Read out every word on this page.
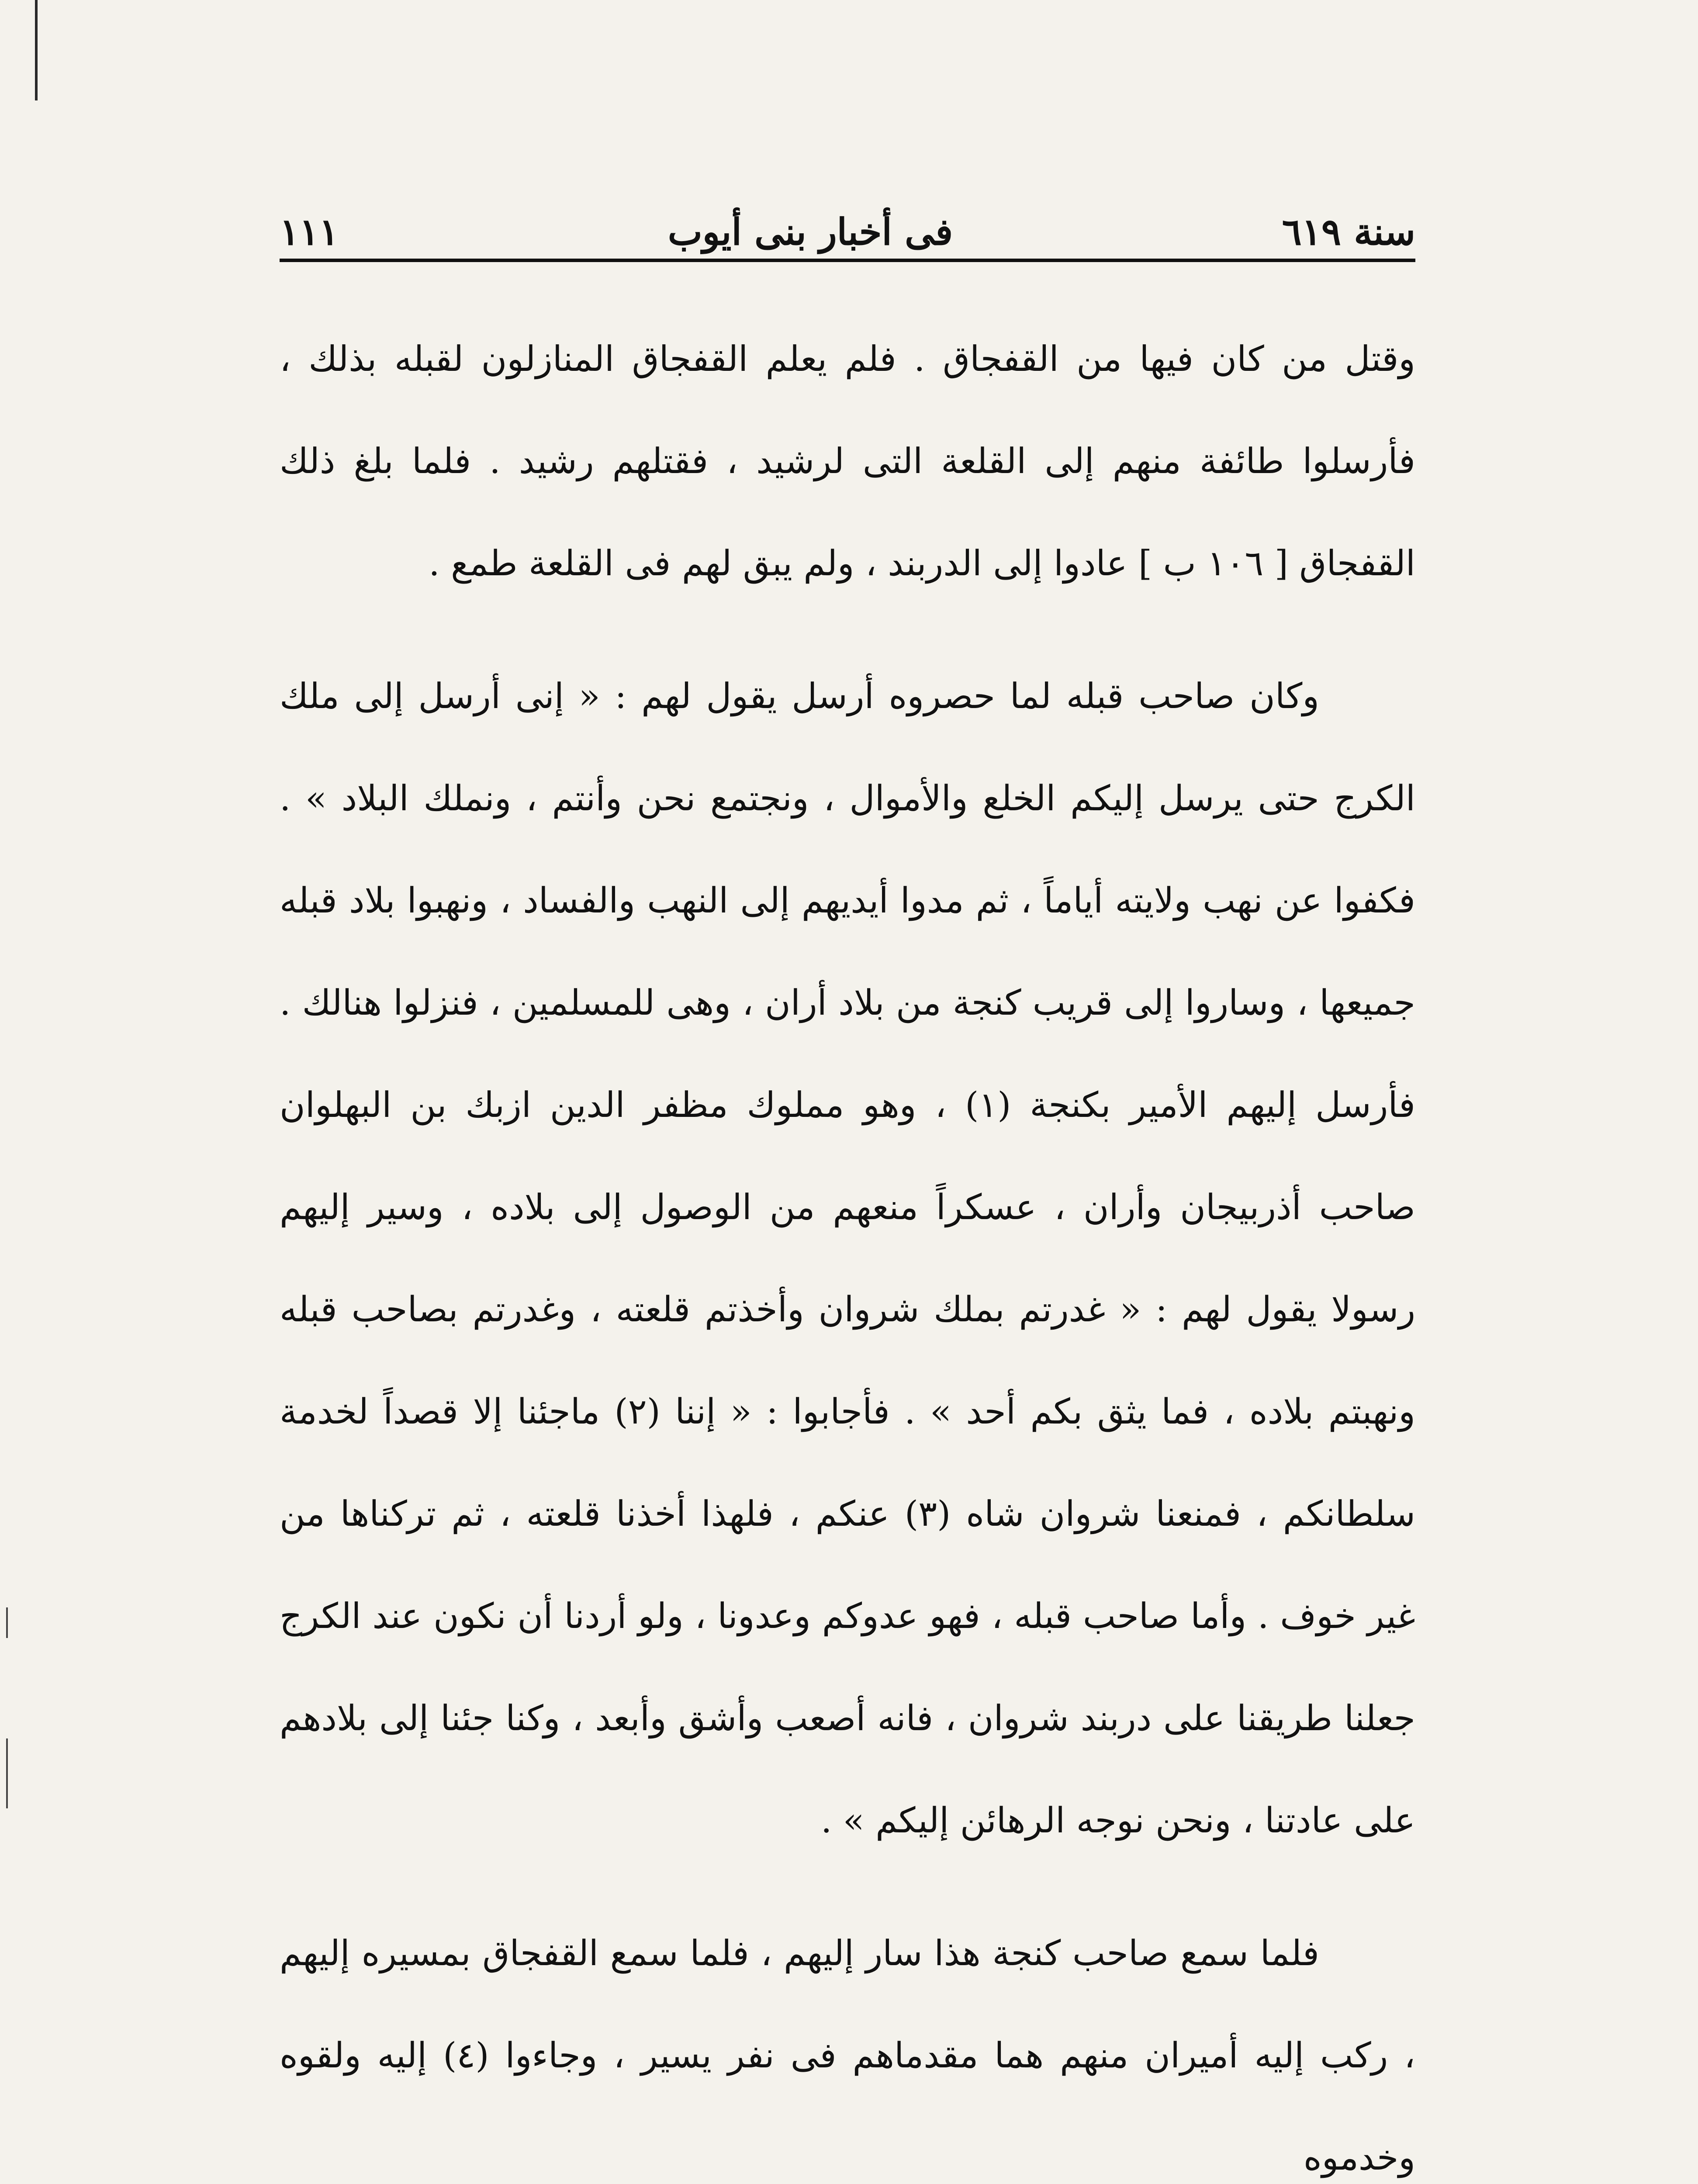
سنة ٦١٩
فى أخبار بنى أيوب
١١١

وقتل من كان فيها من القفجاق . فلم يعلم القفجاق المنازلون لقبله بذلك ، فأرسلوا طائفة منهم إلى القلعة التى لرشيد ، فقتلهم رشيد . فلما بلغ ذلك القفجاق [ ١٠٦ ب ] عادوا إلى الدربند ، ولم يبق لهم فى القلعة طمع .

وكان صاحب قبله لما حصروه أرسل يقول لهم : « إنى أرسل إلى ملك الكرج حتى يرسل إليكم الخلع والأموال ، ونجتمع نحن وأنتم ، ونملك البلاد » . فكفوا عن نهب ولايته أياماً ، ثم مدوا أيديهم إلى النهب والفساد ، ونهبوا بلاد قبله جميعها ، وساروا إلى قريب كنجة من بلاد أران ، وهى للمسلمين ، فنزلوا هنالك . فأرسل إليهم الأمير بكنجة (١) ، وهو مملوك مظفر الدين ازبك بن البهلوان صاحب أذربيجان وأران ، عسكراً منعهم من الوصول إلى بلاده ، وسير إليهم رسولا يقول لهم : « غدرتم بملك شروان وأخذتم قلعته ، وغدرتم بصاحب قبله ونهبتم بلاده ، فما يثق بكم أحد » . فأجابوا : « إننا (٢) ماجئنا إلا قصداً لخدمة سلطانكم ، فمنعنا شروان شاه (٣) عنكم ، فلهذا أخذنا قلعته ، ثم تركناها من غير خوف . وأما صاحب قبله ، فهو عدوكم وعدونا ، ولو أردنا أن نكون عند الكرج جعلنا طريقنا على دربند شروان ، فانه أصعب وأشق وأبعد ، وكنا جئنا إلى بلادهم على عادتنا ، ونحن نوجه الرهائن إليكم » .

فلما سمع صاحب كنجة هذا سار إليهم ، فلما سمع القفجاق بمسيره إليهم ، ركب إليه أميران منهم هما مقدماهم فى نفر يسير ، وجاءوا (٤) إليه ولقوه وخدموه
